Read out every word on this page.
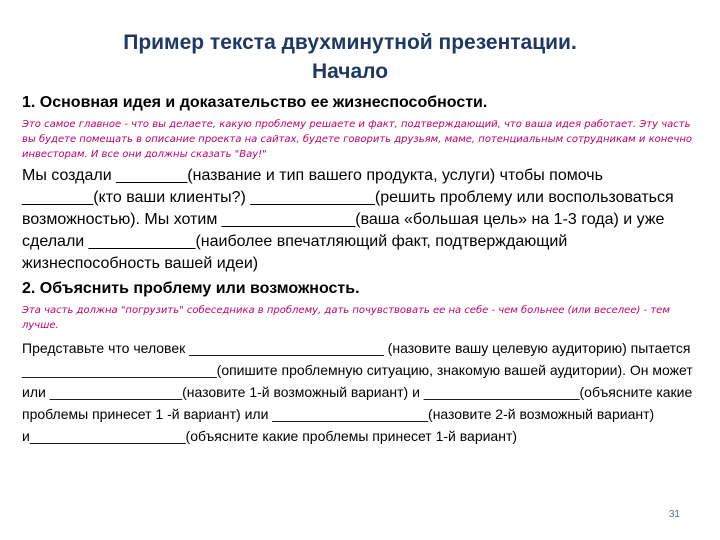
Пример текста двухминутной презентации.
Начало

1. Основная идея и доказательство ее жизнеспособности.

Это самое главное - что вы делаете, какую проблему решаете и факт, подтверждающий, что ваша идея работает. Эту часть вы будете помещать в описание проекта на сайтах, будете говорить друзьям, маме, потенциальным сотрудникам и конечно инвесторам. И все они должны сказать "Вау!"

Мы создали ________(название и тип вашего продукта, услуги) чтобы помочь ________(кто ваши клиенты?) ______________(решить проблему или воспользоваться возможностью). Мы хотим _______________(ваша «большая цель» на 1-3 года) и уже сделали ____________(наиболее впечатляющий факт, подтверждающий жизнеспособность вашей идеи)

2. Объяснить проблему или возможность.

Эта часть должна "погрузить" собеседника в проблему, дать почувствовать ее на себе - чем больнее (или веселее) - тем лучше.

Представьте что человек _________________________ (назовите вашу целевую аудиторию) пытается _________________________(опишите проблемную ситуацию, знакомую вашей аудитории). Он может или _________________(назовите 1-й возможный вариант) и ____________________(объясните какие проблемы принесет 1 -й вариант) или ____________________(назовите 2-й возможный вариант) и____________________(объясните какие проблемы принесет 1-й вариант)

31
